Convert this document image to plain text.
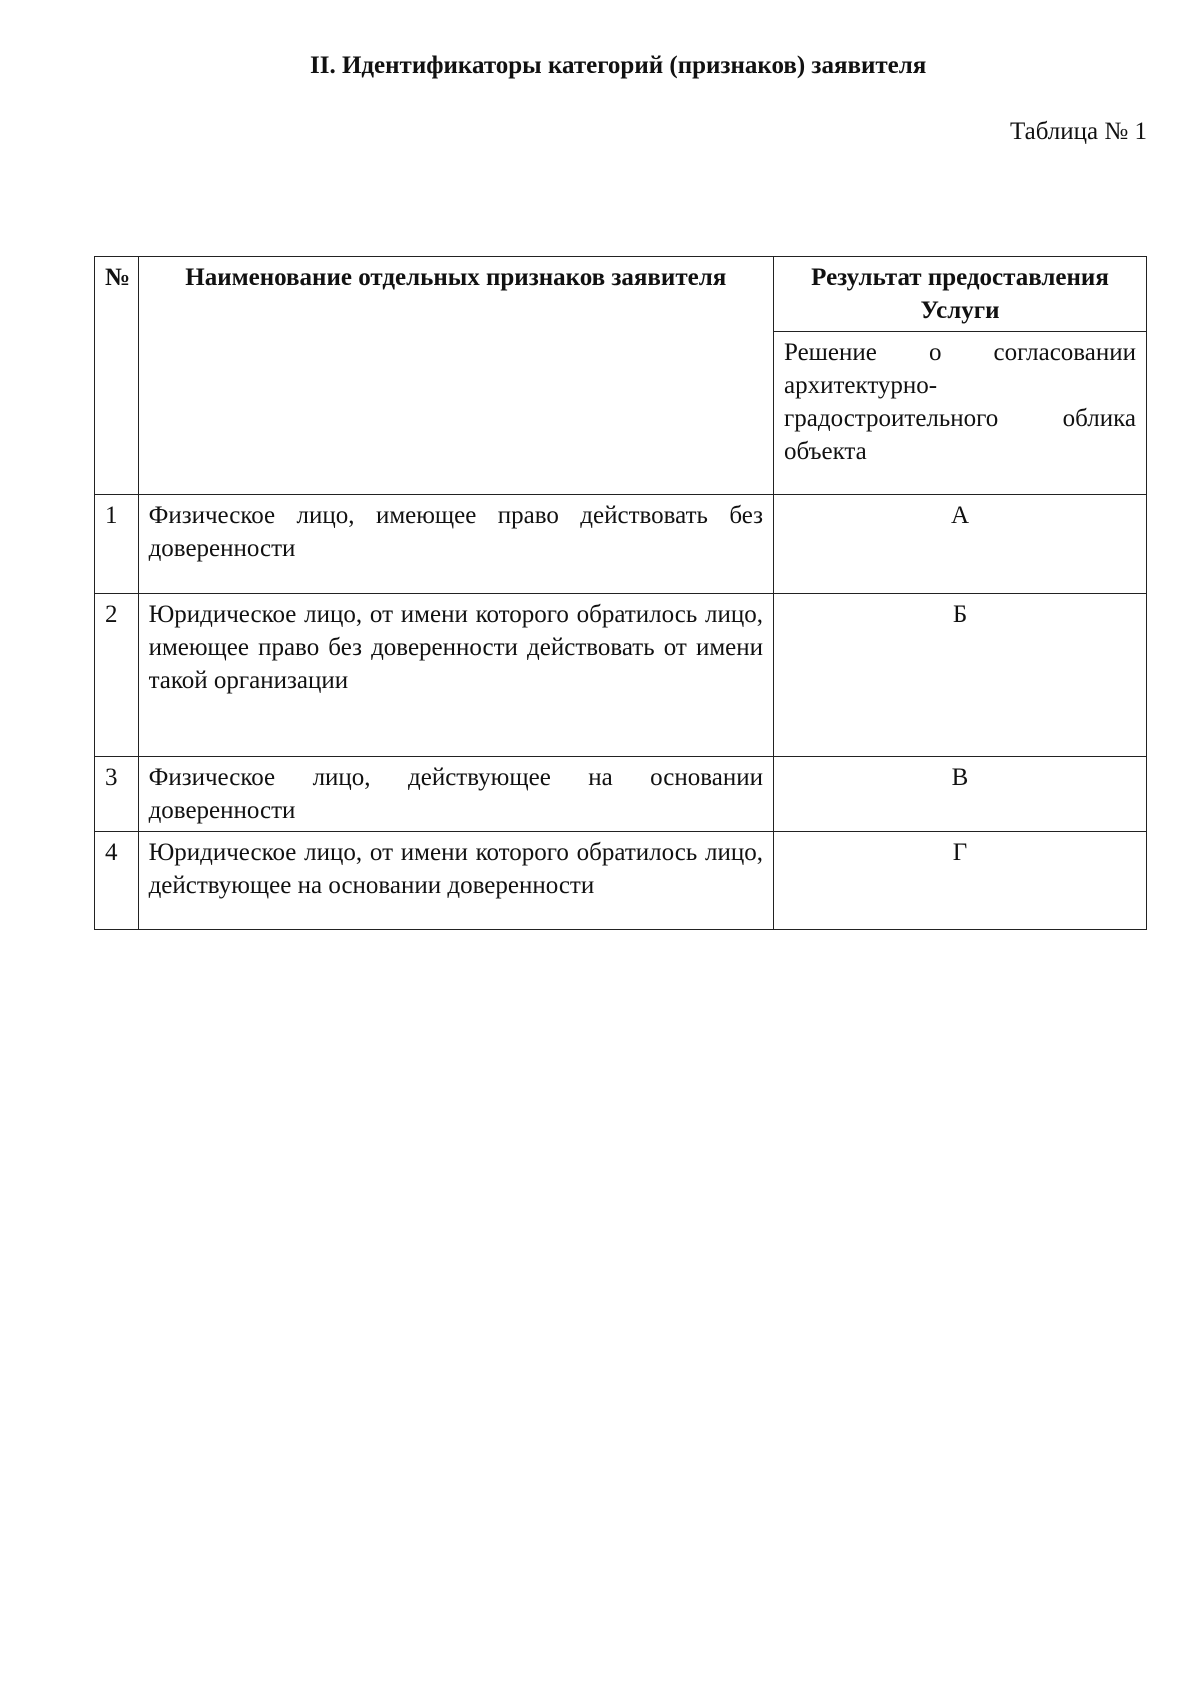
II. Идентификаторы категорий (признаков) заявителя
Таблица № 1
№	Наименование отдельных признаков заявителя	Результат предоставления Услуги
		Решение о согласовании архитектурно-градостроительного облика объекта
1	Физическое лицо, имеющее право действовать без доверенности	А
2	Юридическое лицо, от имени которого обратилось лицо, имеющее право без доверенности действовать от имени такой организации	Б
3	Физическое лицо, действующее на основании доверенности	В
4	Юридическое лицо, от имени которого обратилось лицо, действующее на основании доверенности	Г
